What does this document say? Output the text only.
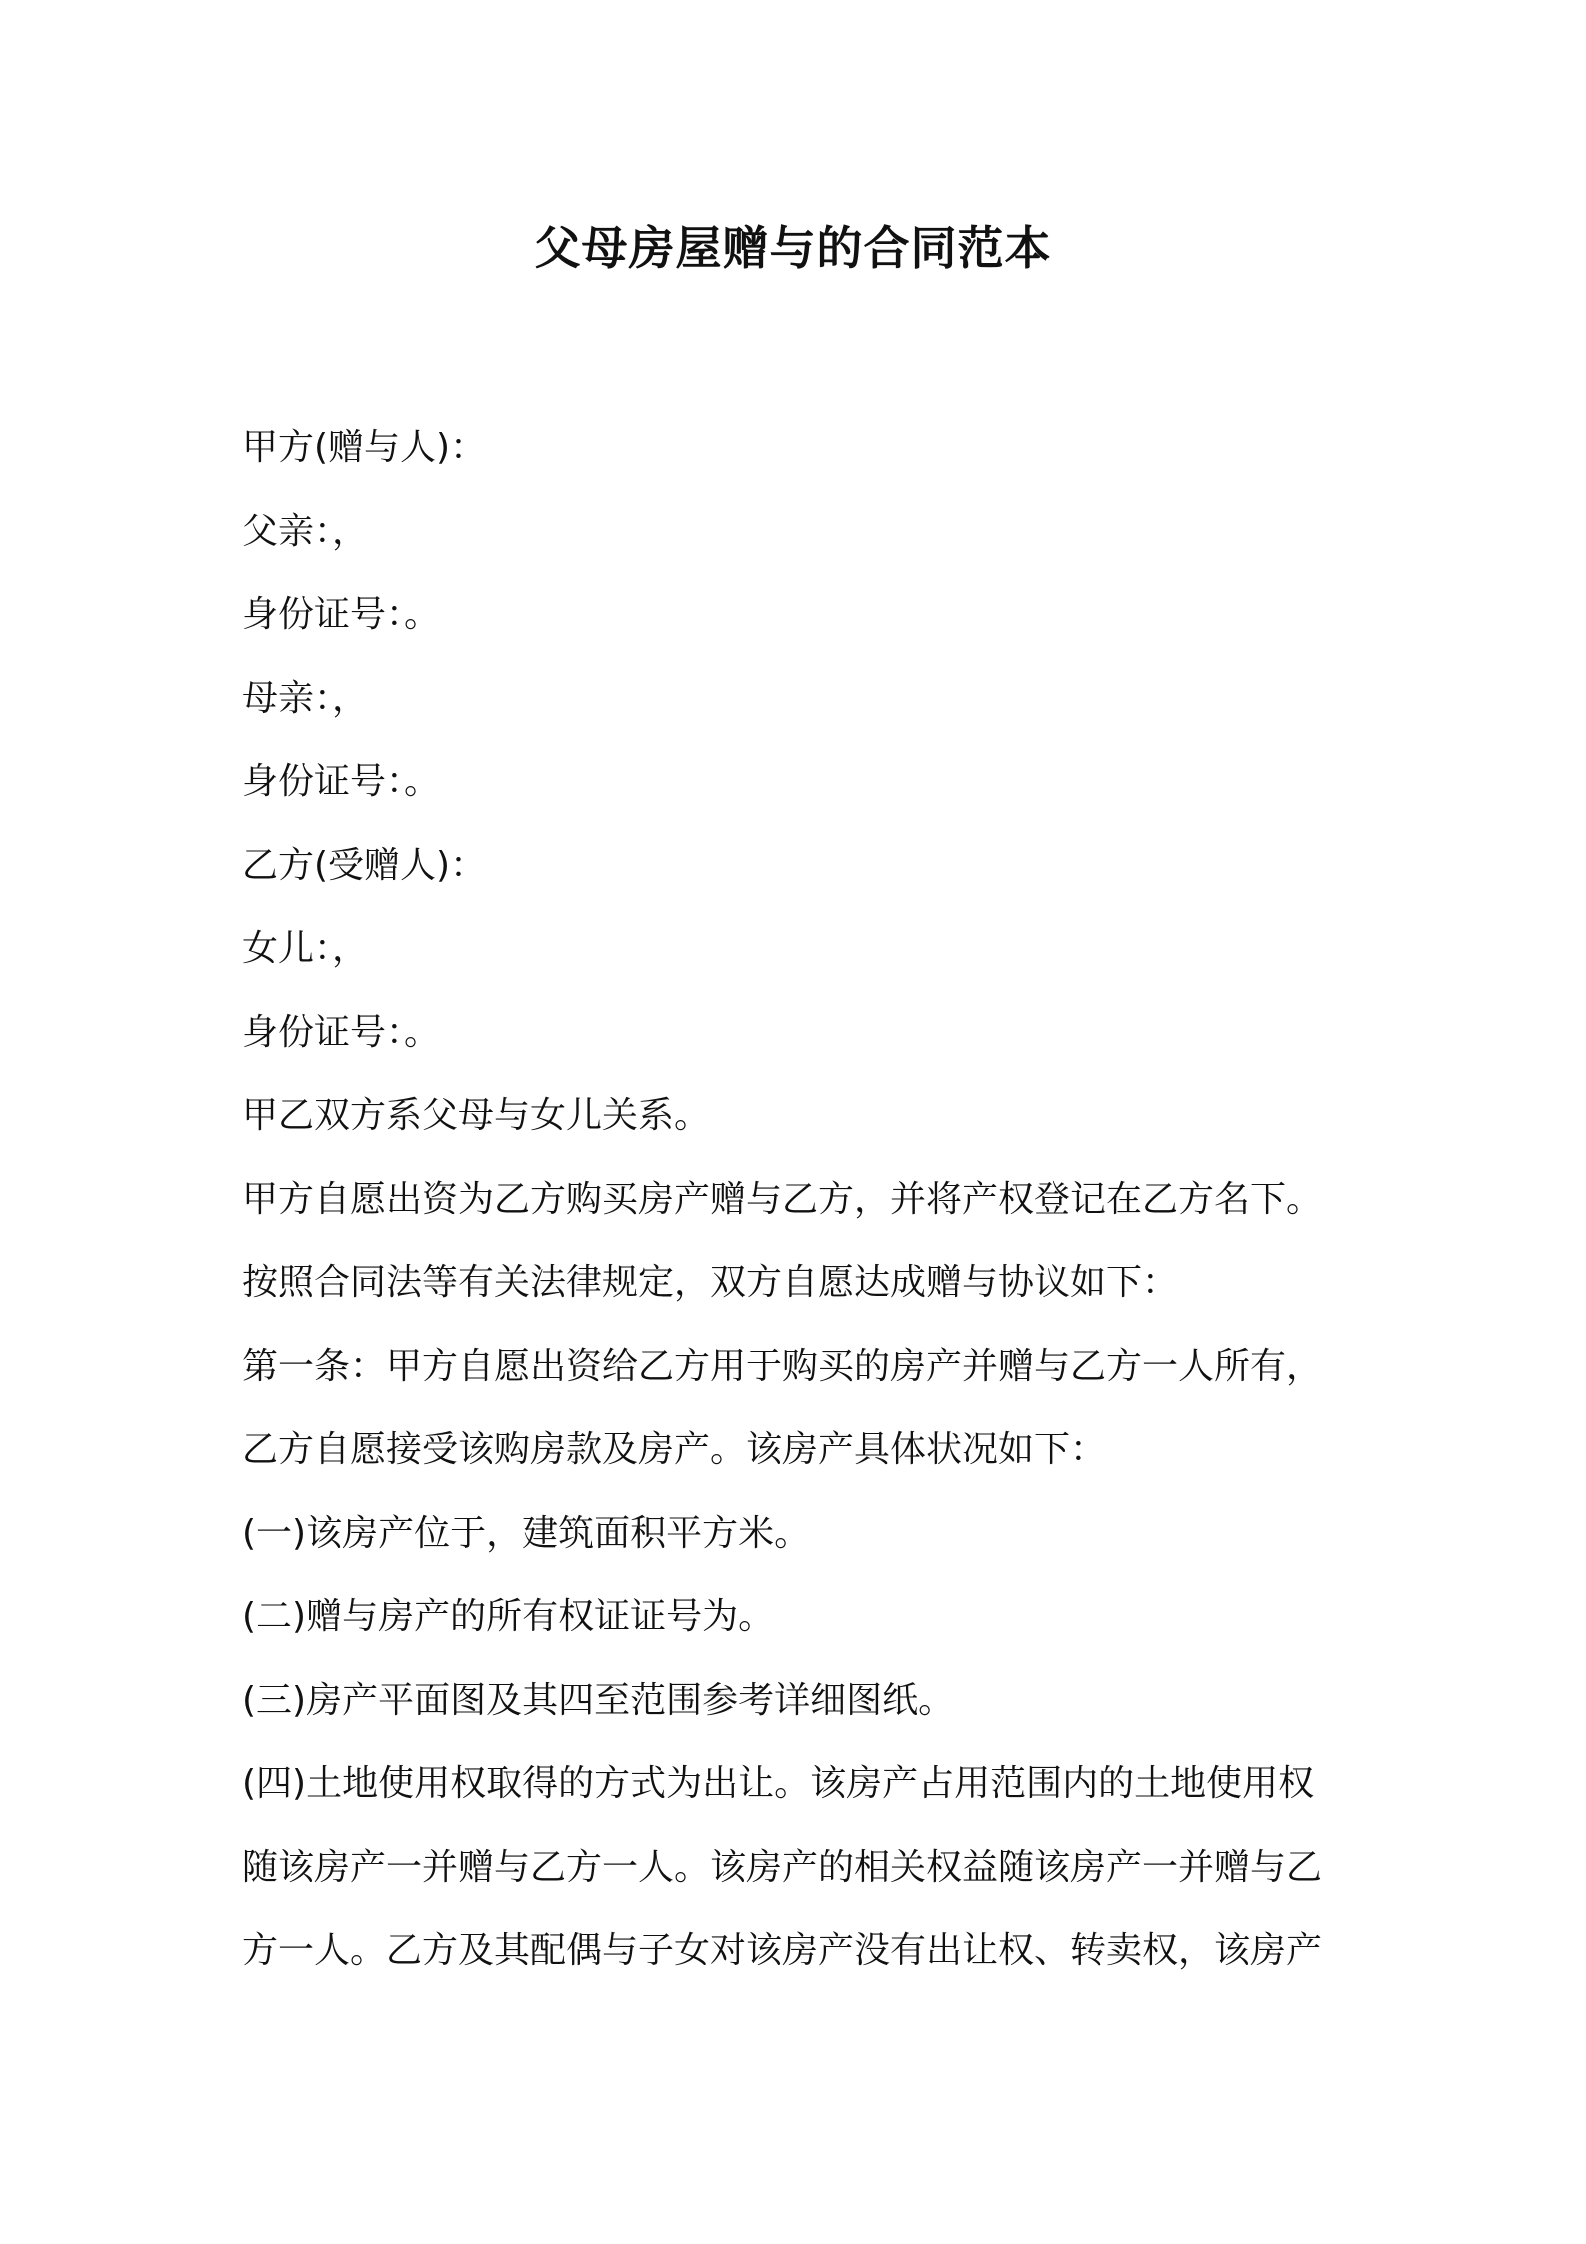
父母房屋赠与的合同范本
甲方(赠与人)：
父亲：，
身份证号：。
母亲：，
身份证号：。
乙方(受赠人)：
女儿：，
身份证号：。
甲乙双方系父母与女儿关系。
甲方自愿出资为乙方购买房产赠与乙方，并将产权登记在乙方名下。
按照合同法等有关法律规定，双方自愿达成赠与协议如下：
第一条：甲方自愿出资给乙方用于购买的房产并赠与乙方一人所有，
乙方自愿接受该购房款及房产。该房产具体状况如下：
(一)该房产位于，建筑面积平方米。
(二)赠与房产的所有权证证号为。
(三)房产平面图及其四至范围参考详细图纸。
(四)土地使用权取得的方式为出让。该房产占用范围内的土地使用权
随该房产一并赠与乙方一人。该房产的相关权益随该房产一并赠与乙
方一人。乙方及其配偶与子女对该房产没有出让权、转卖权，该房产
